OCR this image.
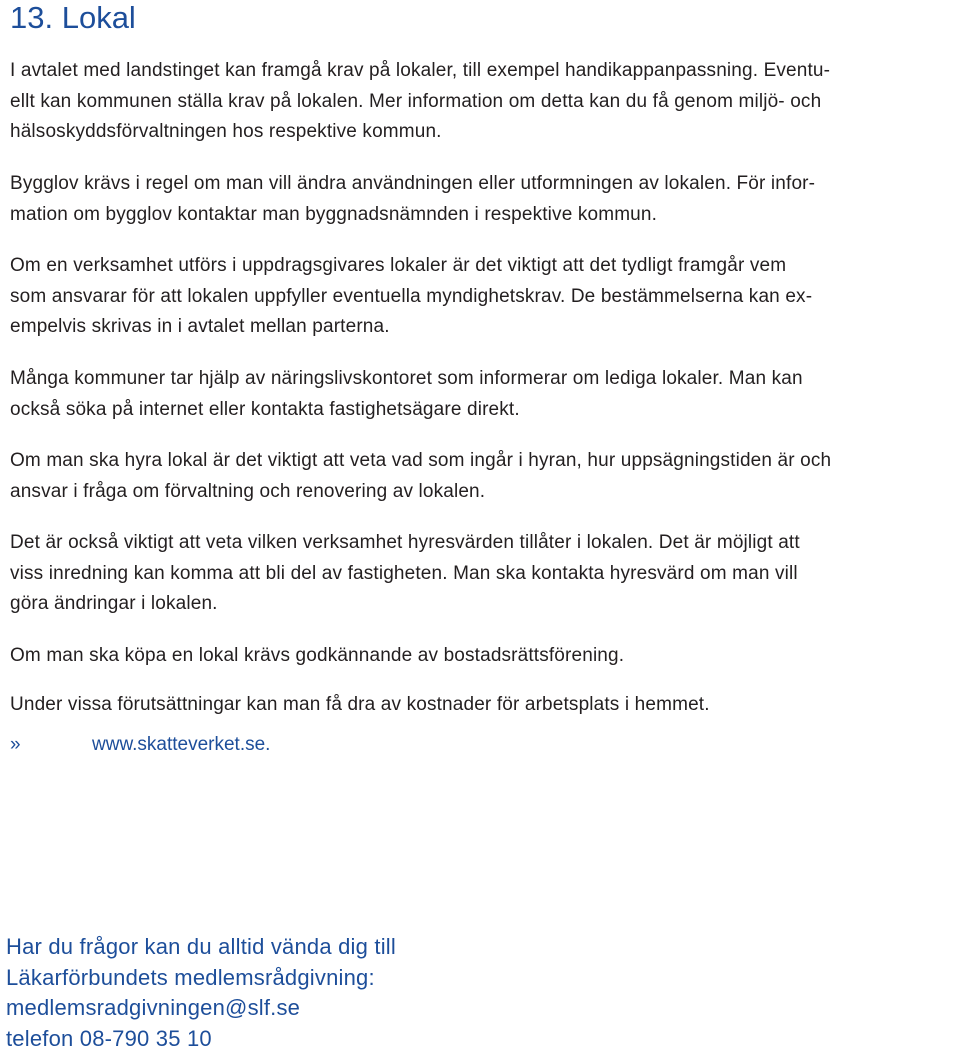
13. Lokal

I avtalet med landstinget kan framgå krav på lokaler, till exempel handikappanpassning. Eventu-
ellt kan kommunen ställa krav på lokalen. Mer information om detta kan du få genom miljö- och
hälsoskyddsförvaltningen hos respektive kommun.

Bygglov krävs i regel om man vill ändra användningen eller utformningen av lokalen. För infor-
mation om bygglov kontaktar man byggnadsnämnden i respektive kommun.

Om en verksamhet utförs i uppdragsgivares lokaler är det viktigt att det tydligt framgår vem
som ansvarar för att lokalen uppfyller eventuella myndighetskrav. De bestämmelserna kan ex-
empelvis skrivas in i avtalet mellan parterna.

Många kommuner tar hjälp av näringslivskontoret som informerar om lediga lokaler. Man kan
också söka på internet eller kontakta fastighetsägare direkt.

Om man ska hyra lokal är det viktigt att veta vad som ingår i hyran, hur uppsägningstiden är och
ansvar i fråga om förvaltning och renovering av lokalen.

Det är också viktigt att veta vilken verksamhet hyresvärden tillåter i lokalen. Det är möjligt att
viss inredning kan komma att bli del av fastigheten. Man ska kontakta hyresvärd om man vill
göra ändringar i lokalen.

Om man ska köpa en lokal krävs godkännande av bostadsrättsförening.

Under vissa förutsättningar kan man få dra av kostnader för arbetsplats i hemmet.

»	www.skatteverket.se.
Har du frågor kan du alltid vända dig till
Läkarförbundets medlemsrådgivning:
medlemsradgivningen@slf.se
telefon 08-790 35 10
